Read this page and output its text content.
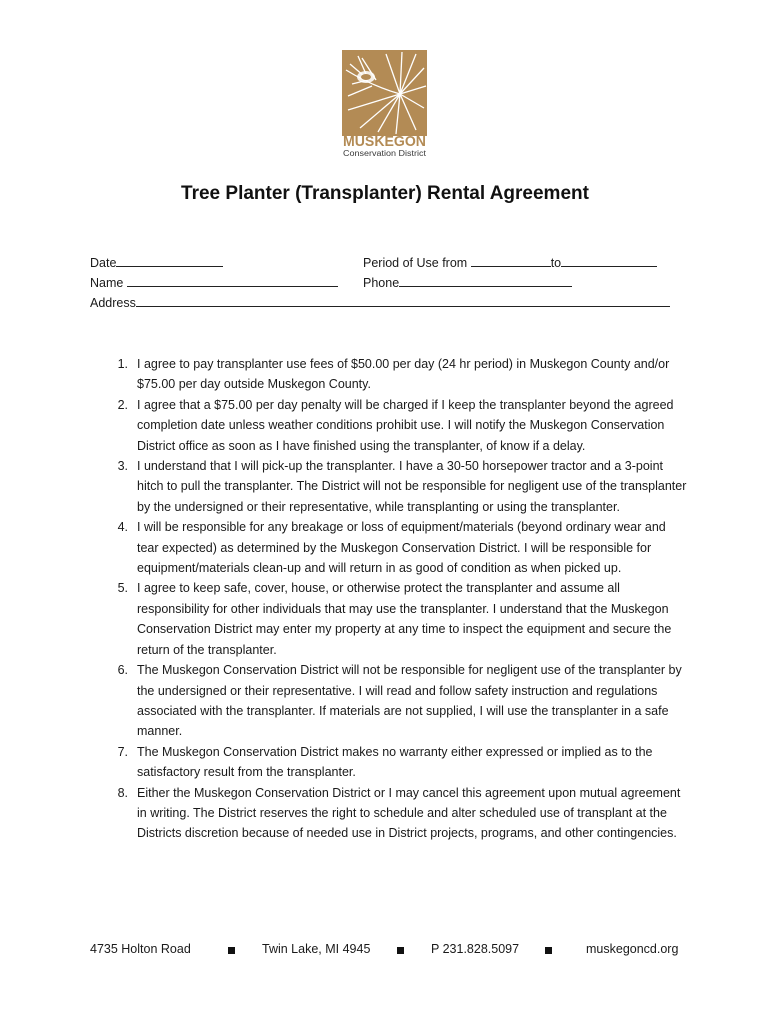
MUSKEGON
Conservation District
Tree Planter (Transplanter) Rental Agreement
Date	Period of Use from	to
Name	Phone
Address
1. I agree to pay transplanter use fees of $50.00 per day (24 hr period) in Muskegon County and/or $75.00 per day outside Muskegon County.
2. I agree that a $75.00 per day penalty will be charged if I keep the transplanter beyond the agreed completion date unless weather conditions prohibit use. I will notify the Muskegon Conservation District office as soon as I have finished using the transplanter, of know if a delay.
3. I understand that I will pick-up the transplanter. I have a 30-50 horsepower tractor and a 3-point hitch to pull the transplanter. The District will not be responsible for negligent use of the transplanter by the undersigned or their representative, while transplanting or using the transplanter.
4. I will be responsible for any breakage or loss of equipment/materials (beyond ordinary wear and tear expected) as determined by the Muskegon Conservation District. I will be responsible for equipment/materials clean-up and will return in as good of condition as when picked up.
5. I agree to keep safe, cover, house, or otherwise protect the transplanter and assume all responsibility for other individuals that may use the transplanter. I understand that the Muskegon Conservation District may enter my property at any time to inspect the equipment and secure the return of the transplanter.
6. The Muskegon Conservation District will not be responsible for negligent use of the transplanter by the undersigned or their representative. I will read and follow safety instruction and regulations associated with the transplanter. If materials are not supplied, I will use the transplanter in a safe manner.
7. The Muskegon Conservation District makes no warranty either expressed or implied as to the satisfactory result from the transplanter.
8. Either the Muskegon Conservation District or I may cancel this agreement upon mutual agreement in writing. The District reserves the right to schedule and alter scheduled use of transplant at the Districts discretion because of needed use in District projects, programs, and other contingencies.
4735 Holton Road	Twin Lake, MI 4945	P 231.828.5097	muskegoncd.org
